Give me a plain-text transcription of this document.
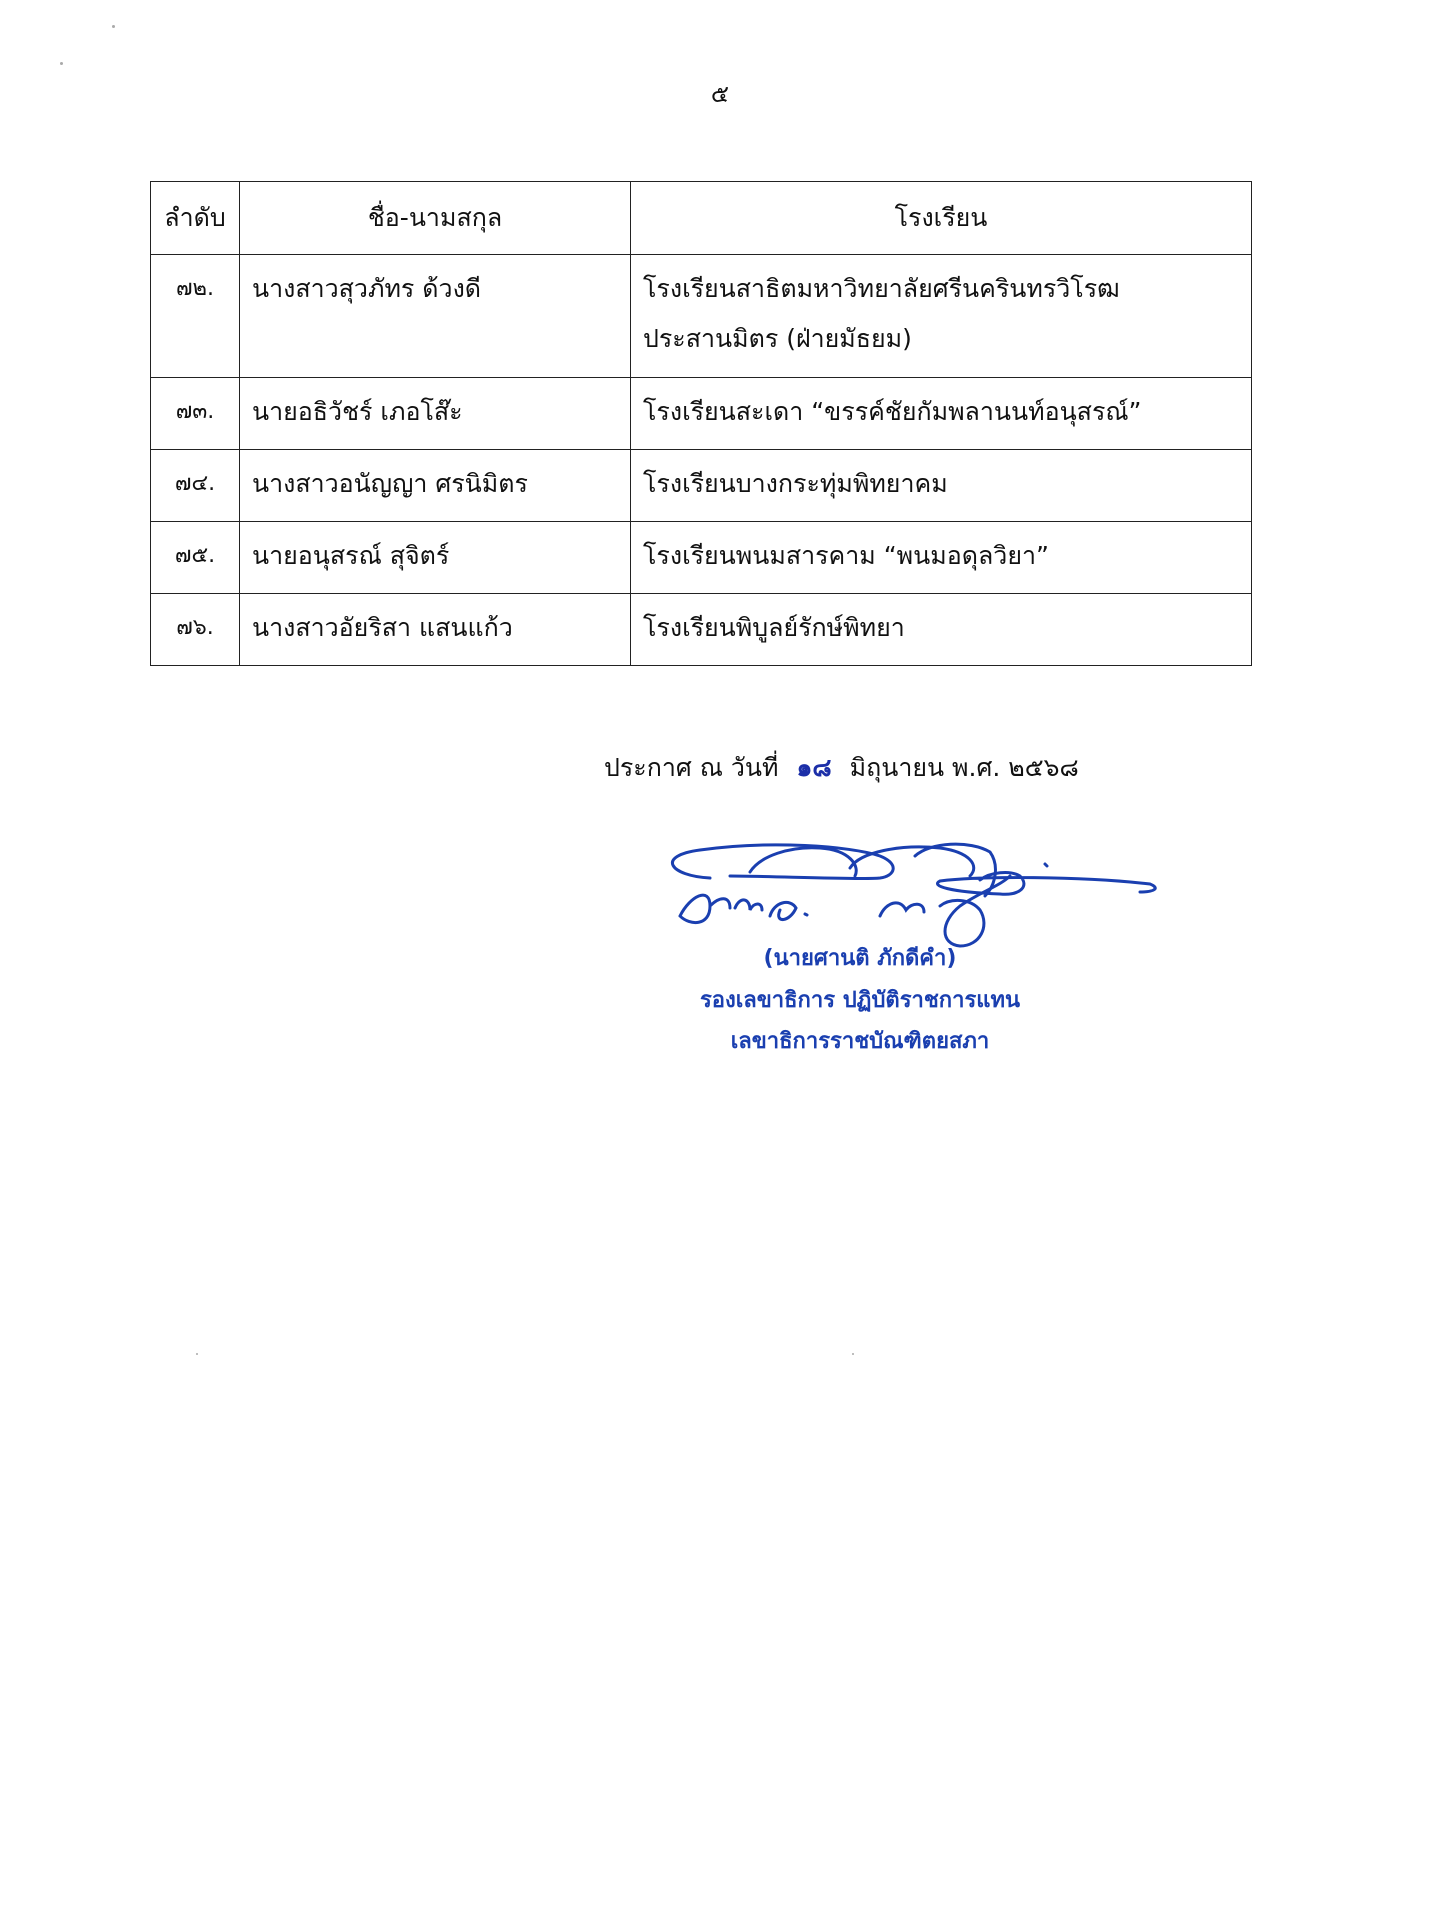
๕
ลำดับ	ชื่อ-นามสกุล	โรงเรียน

๗๒.	นางสาวสุวภัทร ด้วงดี	โรงเรียนสาธิตมหาวิทยาลัยศรีนครินทรวิโรฒ
ประสานมิตร (ฝ่ายมัธยม)

๗๓.	นายอธิวัชร์ เภอโส๊ะ	โรงเรียนสะเดา “ขรรค์ชัยกัมพลานนท์อนุสรณ์”

๗๔.	นางสาวอนัญญา ศรนิมิตร	โรงเรียนบางกระทุ่มพิทยาคม

๗๕.	นายอนุสรณ์ สุจิตร์	โรงเรียนพนมสารคาม “พนมอดุลวิยา”

๗๖.	นางสาวอัยริสา แสนแก้ว	โรงเรียนพิบูลย์รักษ์พิทยา
ประกาศ ณ วันที่ ๑๘ มิถุนายน พ.ศ. ๒๕๖๘
(นายศานติ ภักดีคำ)
รองเลขาธิการ ปฏิบัติราชการแทน
เลขาธิการราชบัณฑิตยสภา
